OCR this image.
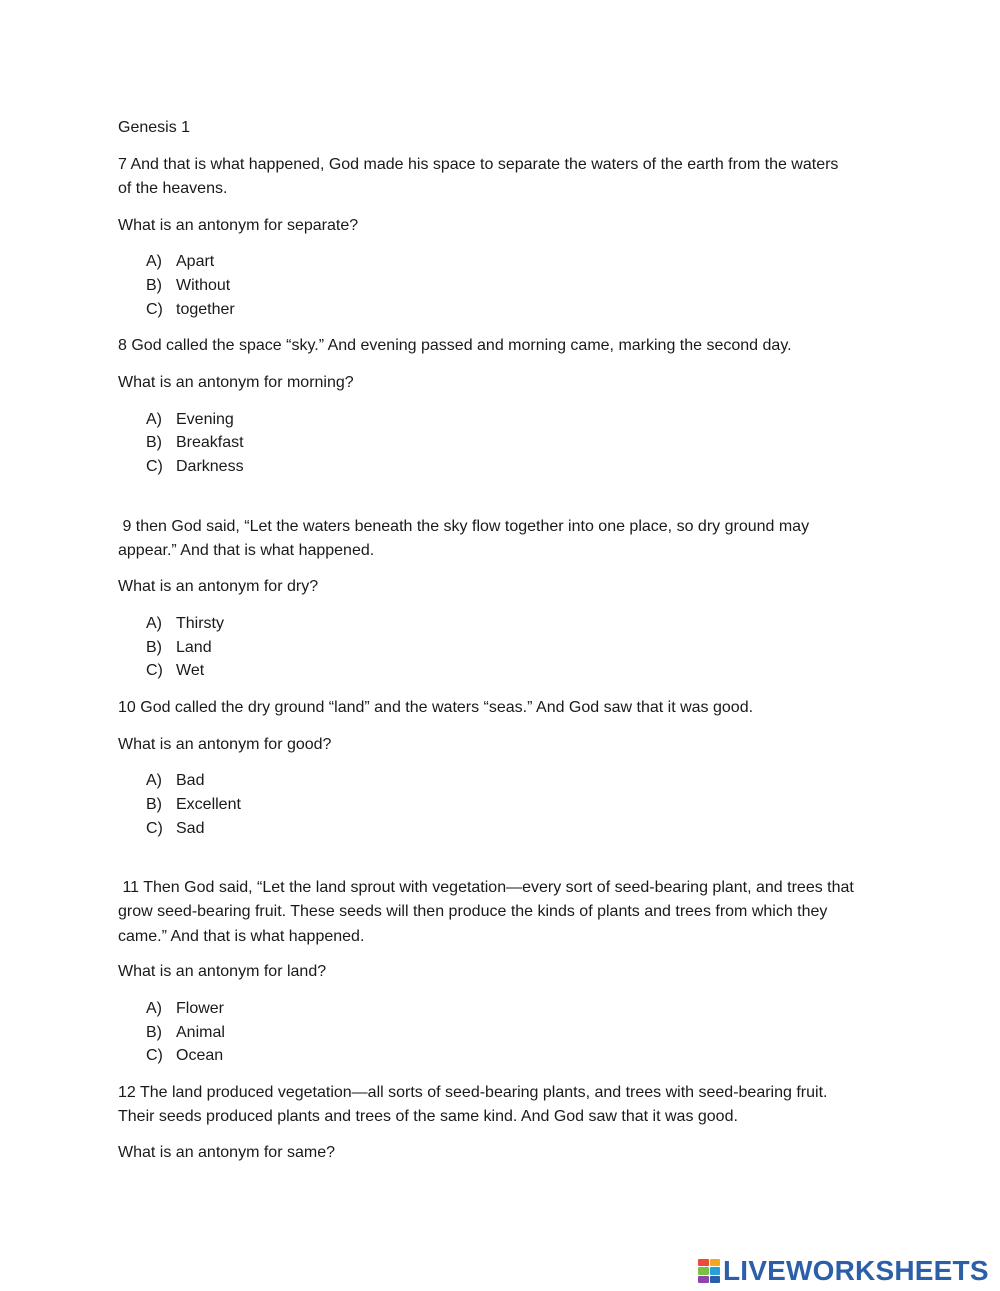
Genesis 1
7 And that is what happened, God made his space to separate the waters of the earth from the waters
of the heavens.
What is an antonym for separate?
A) Apart
B) Without
C) together
8 God called the space “sky.” And evening passed and morning came, marking the second day.
What is an antonym for morning?
A) Evening
B) Breakfast
C) Darkness
9 then God said, “Let the waters beneath the sky flow together into one place, so dry ground may
appear.” And that is what happened.
What is an antonym for dry?
A) Thirsty
B) Land
C) Wet
10 God called the dry ground “land” and the waters “seas.” And God saw that it was good.
What is an antonym for good?
A) Bad
B) Excellent
C) Sad
11 Then God said, “Let the land sprout with vegetation—every sort of seed-bearing plant, and trees that
grow seed-bearing fruit. These seeds will then produce the kinds of plants and trees from which they
came.” And that is what happened.
What is an antonym for land?
A) Flower
B) Animal
C) Ocean
12 The land produced vegetation—all sorts of seed-bearing plants, and trees with seed-bearing fruit.
Their seeds produced plants and trees of the same kind. And God saw that it was good.
What is an antonym for same?
LIVEWORKSHEETS
